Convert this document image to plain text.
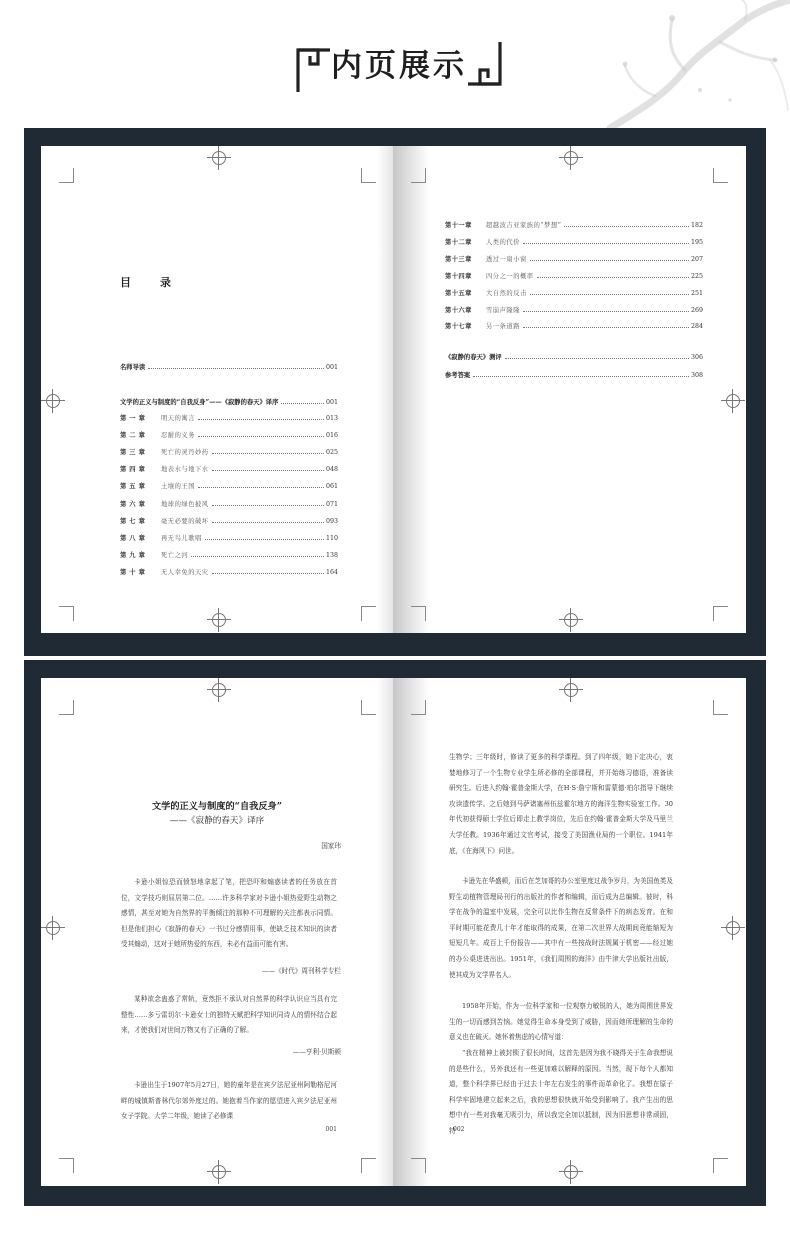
内页展示
目　录
名师导读	001
文学的正义与制度的“自我反身”——《寂静的春天》译序	001
第 一 章	明天的寓言	013
第 二 章	忍耐的义务	016
第 三 章	死亡的灵丹妙药	025
第 四 章	地表水与地下水	048
第 五 章	土壤的王国	061
第 六 章	地球的绿色披风	071
第 七 章	毫无必要的破坏	093
第 八 章	再无鸟儿歌唱	110
第 九 章	死亡之河	138
第 十 章	无人幸免的天灾	164
第十一章	超越波吉亚家族的“梦想”	182
第十二章	人类的代价	195
第十三章	透过一扇小窗	207
第十四章	四分之一的概率	225
第十五章	大自然的反击	251
第十六章	雪崩声隆隆	269
第十七章	另一条道路	284
《寂静的春天》测评	306
参考答案	308
文学的正义与制度的“自我反身”
——《寂静的春天》译序
国家玮
卡逊小姐惊恐而愤怒地拿起了笔，把恐吓和煽惑读者的任务放在首位，文学技巧则屈居第二位。……许多科学家对卡逊小姐热爱野生动物之感情，甚至对她为自然界的平衡倾注的那种不可理解的关注都表示同情。但是他们担心《寂静的春天》一书过分感情用事，使缺乏技术知识的读者受其煽动，这对于她所热爱的东西，未必有益而可能有害。
——《时代》周刊科学专栏
某种欲念蛊惑了常轨，竟然拒不承认对自然界的科学认识应当具有完整性……多亏雷切尔·卡逊女士的独特天赋把科学知识同诗人的情怀结合起来，才使我们对世间万物又有了正确的了解。
——亨利·贝斯顿
卡逊出生于1907年5月27日，她的童年是在宾夕法尼亚州阿勒格尼河畔的城镇斯普林代尔郊外度过的。她抱着当作家的愿望进入宾夕法尼亚州女子学院。大学二年级，她读了必修课
001
生物学；三年级时，修读了更多的科学课程。到了四年级，她下定决心，衷婪地修习了一个生物专业学生所必修的全部课程，并开始练习德语，准备读研究生。后进入约翰·霍普金斯大学，在H·S·詹宁斯和雷蒙德·珀尔指导下继续攻读遗传学。之后她到马萨诸塞州伍兹霍尔地方的海洋生物实验室工作。30年代初获得硕士学位后即走上教学岗位，先后在约翰·霍普金斯大学及马里兰大学任教。1936年通过文官考试，接受了美国渔业局的一个职位。1941年底，《在海风下》问世。
卡逊先在华盛顿，而后在芝加哥的办公室里度过战争岁月，为美国鱼类及野生动植物管理局刊行的出版社的作者和编辑，而后成为总编辑。彼时，科学在战争的温室中发展，完全可以比作生物在反常条件下的病态发育。在和平时期可能花费几十年才能取得的成果，在第二次世界大战期间竟能缩短为短短几年。成百上千份报告——其中有一些按战时法规属于机密——经过她的办公桌进进出出。1951年，《我们周围的海洋》由牛津大学出版社出版，使其成为文学界名人。
1958年开始，作为一位科学家和一位观察力敏锐的人，她为周围世界发生的一切而感到苦恼。她觉得生命本身受到了威胁，因而她所理解的生命的意义也在破灭。她怀着焦虑的心情写道：
“我在精神上被封锁了很长时间，这首先是因为我不晓得关于生命我想说的是些什么，另外我还有一些更加难以解释的原因。当然，现下每个人都知道，整个科学界已经由于过去十年左右发生的事件而革命化了。我想在原子科学牢固地建立起来之后，我的思想很快就开始受到影响了。我产生出的思想中有一些对我毫无吸引力，所以我完全加以抵制，因为旧思想非常顽固，特
002
